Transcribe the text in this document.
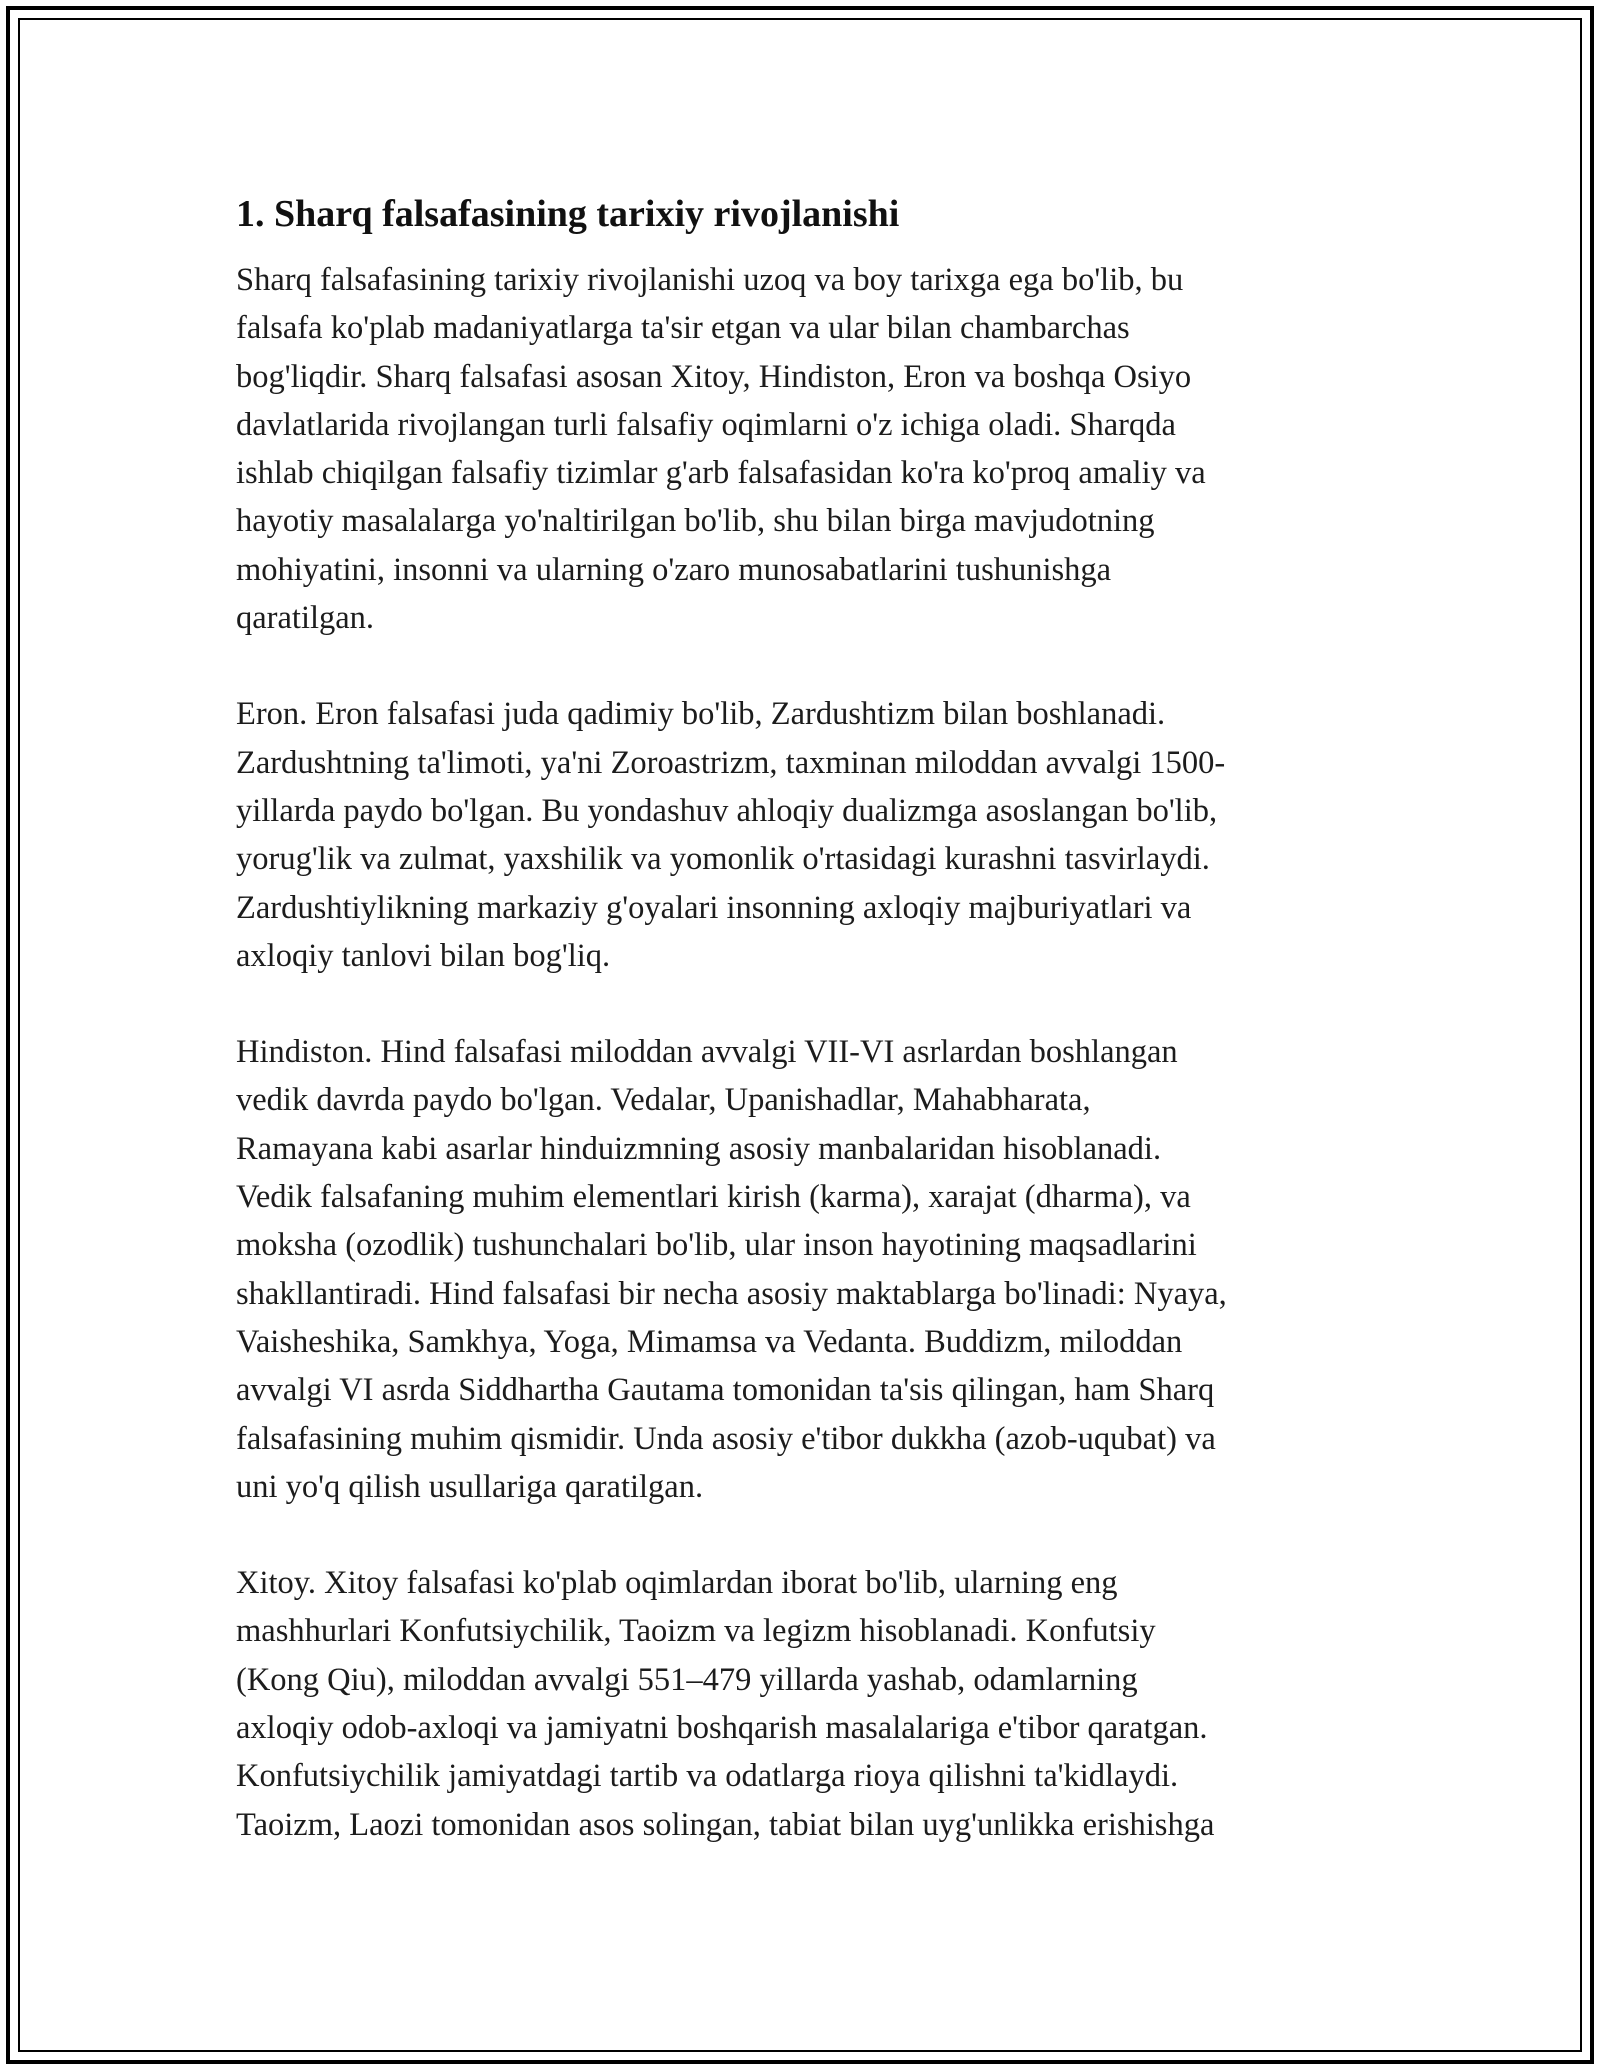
1. Sharq falsafasining tarixiy rivojlanishi

Sharq falsafasining tarixiy rivojlanishi uzoq va boy tarixga ega bo'lib, bu
falsafa ko'plab madaniyatlarga ta'sir etgan va ular bilan chambarchas
bog'liqdir. Sharq falsafasi asosan Xitoy, Hindiston, Eron va boshqa Osiyo
davlatlarida rivojlangan turli falsafiy oqimlarni o'z ichiga oladi. Sharqda
ishlab chiqilgan falsafiy tizimlar g'arb falsafasidan ko'ra ko'proq amaliy va
hayotiy masalalarga yo'naltirilgan bo'lib, shu bilan birga mavjudotning
mohiyatini, insonni va ularning o'zaro munosabatlarini tushunishga
qaratilgan.

Eron. Eron falsafasi juda qadimiy bo'lib, Zardushtizm bilan boshlanadi.
Zardushtning ta'limoti, ya'ni Zoroastrizm, taxminan miloddan avvalgi 1500-
yillarda paydo bo'lgan. Bu yondashuv ahloqiy dualizmga asoslangan bo'lib,
yorug'lik va zulmat, yaxshilik va yomonlik o'rtasidagi kurashni tasvirlaydi.
Zardushtiylikning markaziy g'oyalari insonning axloqiy majburiyatlari va
axloqiy tanlovi bilan bog'liq.

Hindiston. Hind falsafasi miloddan avvalgi VII-VI asrlardan boshlangan
vedik davrda paydo bo'lgan. Vedalar, Upanishadlar, Mahabharata,
Ramayana kabi asarlar hinduizmning asosiy manbalaridan hisoblanadi.
Vedik falsafaning muhim elementlari kirish (karma), xarajat (dharma), va
moksha (ozodlik) tushunchalari bo'lib, ular inson hayotining maqsadlarini
shakllantiradi. Hind falsafasi bir necha asosiy maktablarga bo'linadi: Nyaya,
Vaisheshika, Samkhya, Yoga, Mimamsa va Vedanta. Buddizm, miloddan
avvalgi VI asrda Siddhartha Gautama tomonidan ta'sis qilingan, ham Sharq
falsafasining muhim qismidir. Unda asosiy e'tibor dukkha (azob-uqubat) va
uni yo'q qilish usullariga qaratilgan.

Xitoy. Xitoy falsafasi ko'plab oqimlardan iborat bo'lib, ularning eng
mashhurlari Konfutsiychilik, Taoizm va legizm hisoblanadi. Konfutsiy
(Kong Qiu), miloddan avvalgi 551–479 yillarda yashab, odamlarning
axloqiy odob-axloqi va jamiyatni boshqarish masalalariga e'tibor qaratgan.
Konfutsiychilik jamiyatdagi tartib va odatlarga rioya qilishni ta'kidlaydi.
Taoizm, Laozi tomonidan asos solingan, tabiat bilan uyg'unlikka erishishga
